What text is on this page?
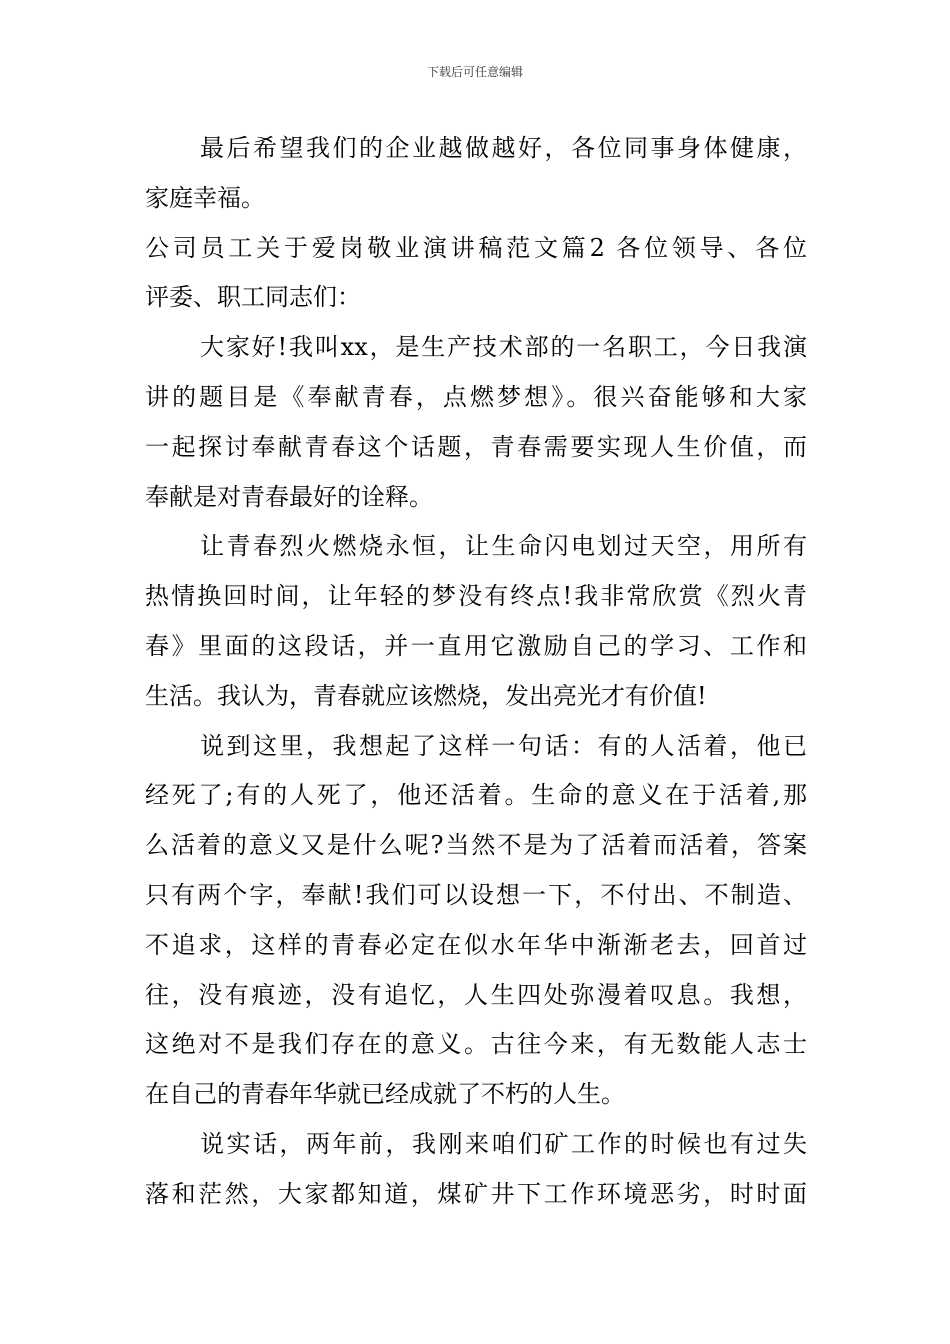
下载后可任意编辑
最后希望我们的企业越做越好，各位同事身体健康，
家庭幸福。
公司员工关于爱岗敬业演讲稿范文篇2 各位领导、各位
评委、职工同志们：
大家好!我叫xx，是生产技术部的一名职工，今日我演
讲的题目是《奉献青春，点燃梦想》。很兴奋能够和大家
一起探讨奉献青春这个话题，青春需要实现人生价值，而
奉献是对青春最好的诠释。
让青春烈火燃烧永恒，让生命闪电划过天空，用所有
热情换回时间，让年轻的梦没有终点!我非常欣赏《烈火青
春》里面的这段话，并一直用它激励自己的学习、工作和
生活。我认为，青春就应该燃烧，发出亮光才有价值!
说到这里，我想起了这样一句话：有的人活着，他已
经死了;有的人死了，他还活着。生命的意义在于活着,那
么活着的意义又是什么呢?当然不是为了活着而活着，答案
只有两个字，奉献!我们可以设想一下，不付出、不制造、
不追求，这样的青春必定在似水年华中渐渐老去，回首过
往，没有痕迹，没有追忆，人生四处弥漫着叹息。我想，
这绝对不是我们存在的意义。古往今来，有无数能人志士
在自己的青春年华就已经成就了不朽的人生。
说实话，两年前，我刚来咱们矿工作的时候也有过失
落和茫然，大家都知道，煤矿井下工作环境恶劣，时时面
